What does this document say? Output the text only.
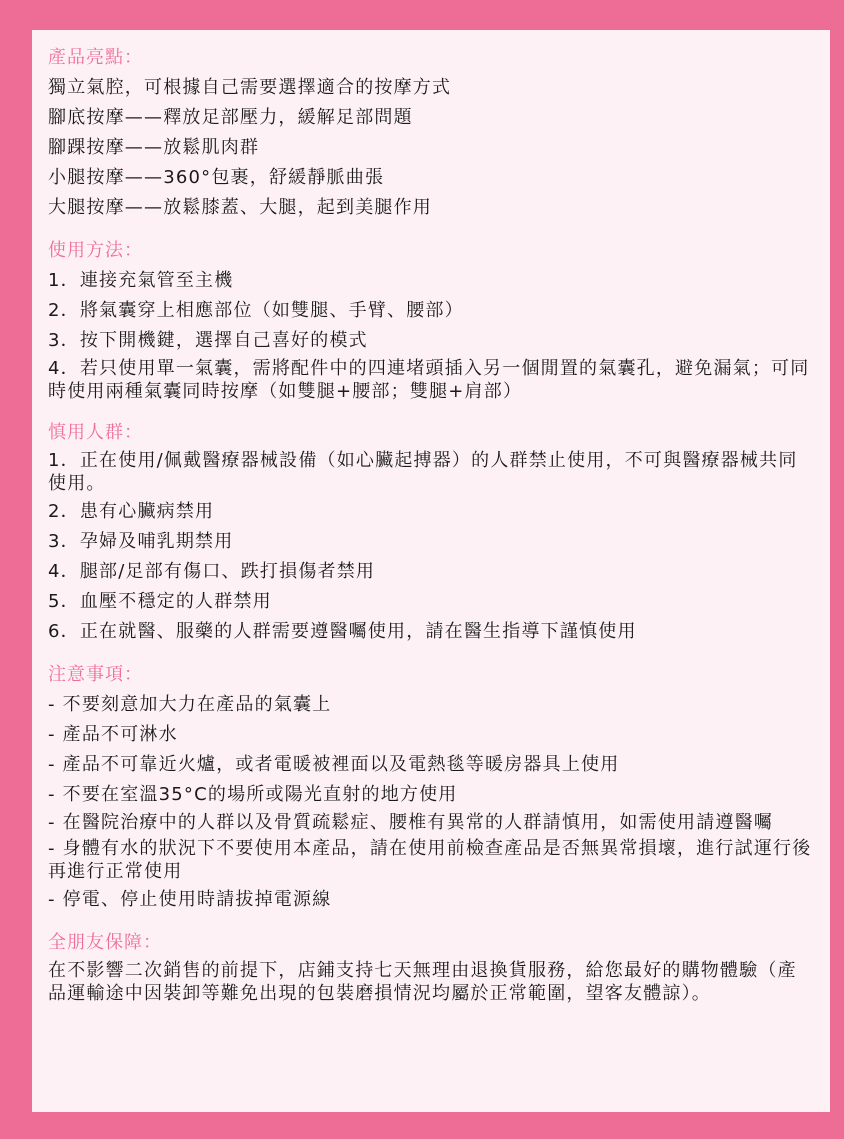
產品亮點：
獨立氣腔，可根據自己需要選擇適合的按摩方式
腳底按摩——釋放足部壓力，緩解足部問題
腳踝按摩——放鬆肌肉群
小腿按摩——360°包裹，舒緩靜脈曲張
大腿按摩——放鬆膝蓋、大腿，起到美腿作用
使用方法：
1．連接充氣管至主機
2．將氣囊穿上相應部位（如雙腿、手臂、腰部）
3．按下開機鍵，選擇自己喜好的模式
4．若只使用單一氣囊，需將配件中的四連堵頭插入另一個閒置的氣囊孔，避免漏氣；可同時使用兩種氣囊同時按摩（如雙腿+腰部；雙腿+肩部）
慎用人群：
1．正在使用/佩戴醫療器械設備（如心臟起搏器）的人群禁止使用，不可與醫療器械共同使用。
2．患有心臟病禁用
3．孕婦及哺乳期禁用
4．腿部/足部有傷口、跌打損傷者禁用
5．血壓不穩定的人群禁用
6．正在就醫、服藥的人群需要遵醫囑使用，請在醫生指導下謹慎使用
注意事項：
- 不要刻意加大力在產品的氣囊上
- 產品不可淋水
- 產品不可靠近火爐，或者電暖被裡面以及電熱毯等暖房器具上使用
- 不要在室溫35°C的場所或陽光直射的地方使用
- 在醫院治療中的人群以及骨質疏鬆症、腰椎有異常的人群請慎用，如需使用請遵醫囑
- 身體有水的狀況下不要使用本產品，請在使用前檢查產品是否無異常損壞，進行試運行後再進行正常使用
- 停電、停止使用時請拔掉電源線
全朋友保障：
在不影響二次銷售的前提下，店鋪支持七天無理由退換貨服務，給您最好的購物體驗（產品運輸途中因裝卸等難免出現的包裝磨損情況均屬於正常範圍，望客友體諒）。
